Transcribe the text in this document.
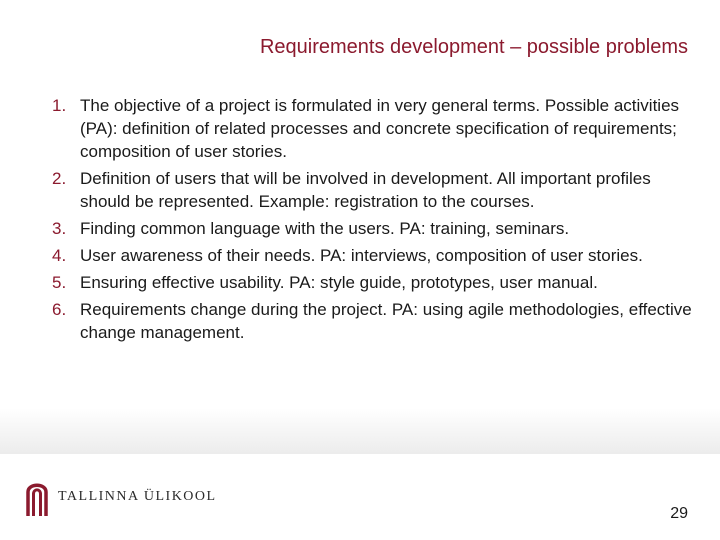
Requirements development – possible problems
1. The objective of a project is formulated in very general terms. Possible activities (PA): definition of related processes and concrete specification of requirements; composition of user stories.
2. Definition of users that will be involved in development. All important profiles should be represented. Example: registration to the courses.
3. Finding common language with the users. PA: training, seminars.
4. User awareness of their needs. PA: interviews, composition of user stories.
5. Ensuring effective usability. PA: style guide, prototypes, user manual.
6. Requirements change during the project. PA: using agile methodologies, effective change management.
TALLINNA ÜLIKOOL
29
